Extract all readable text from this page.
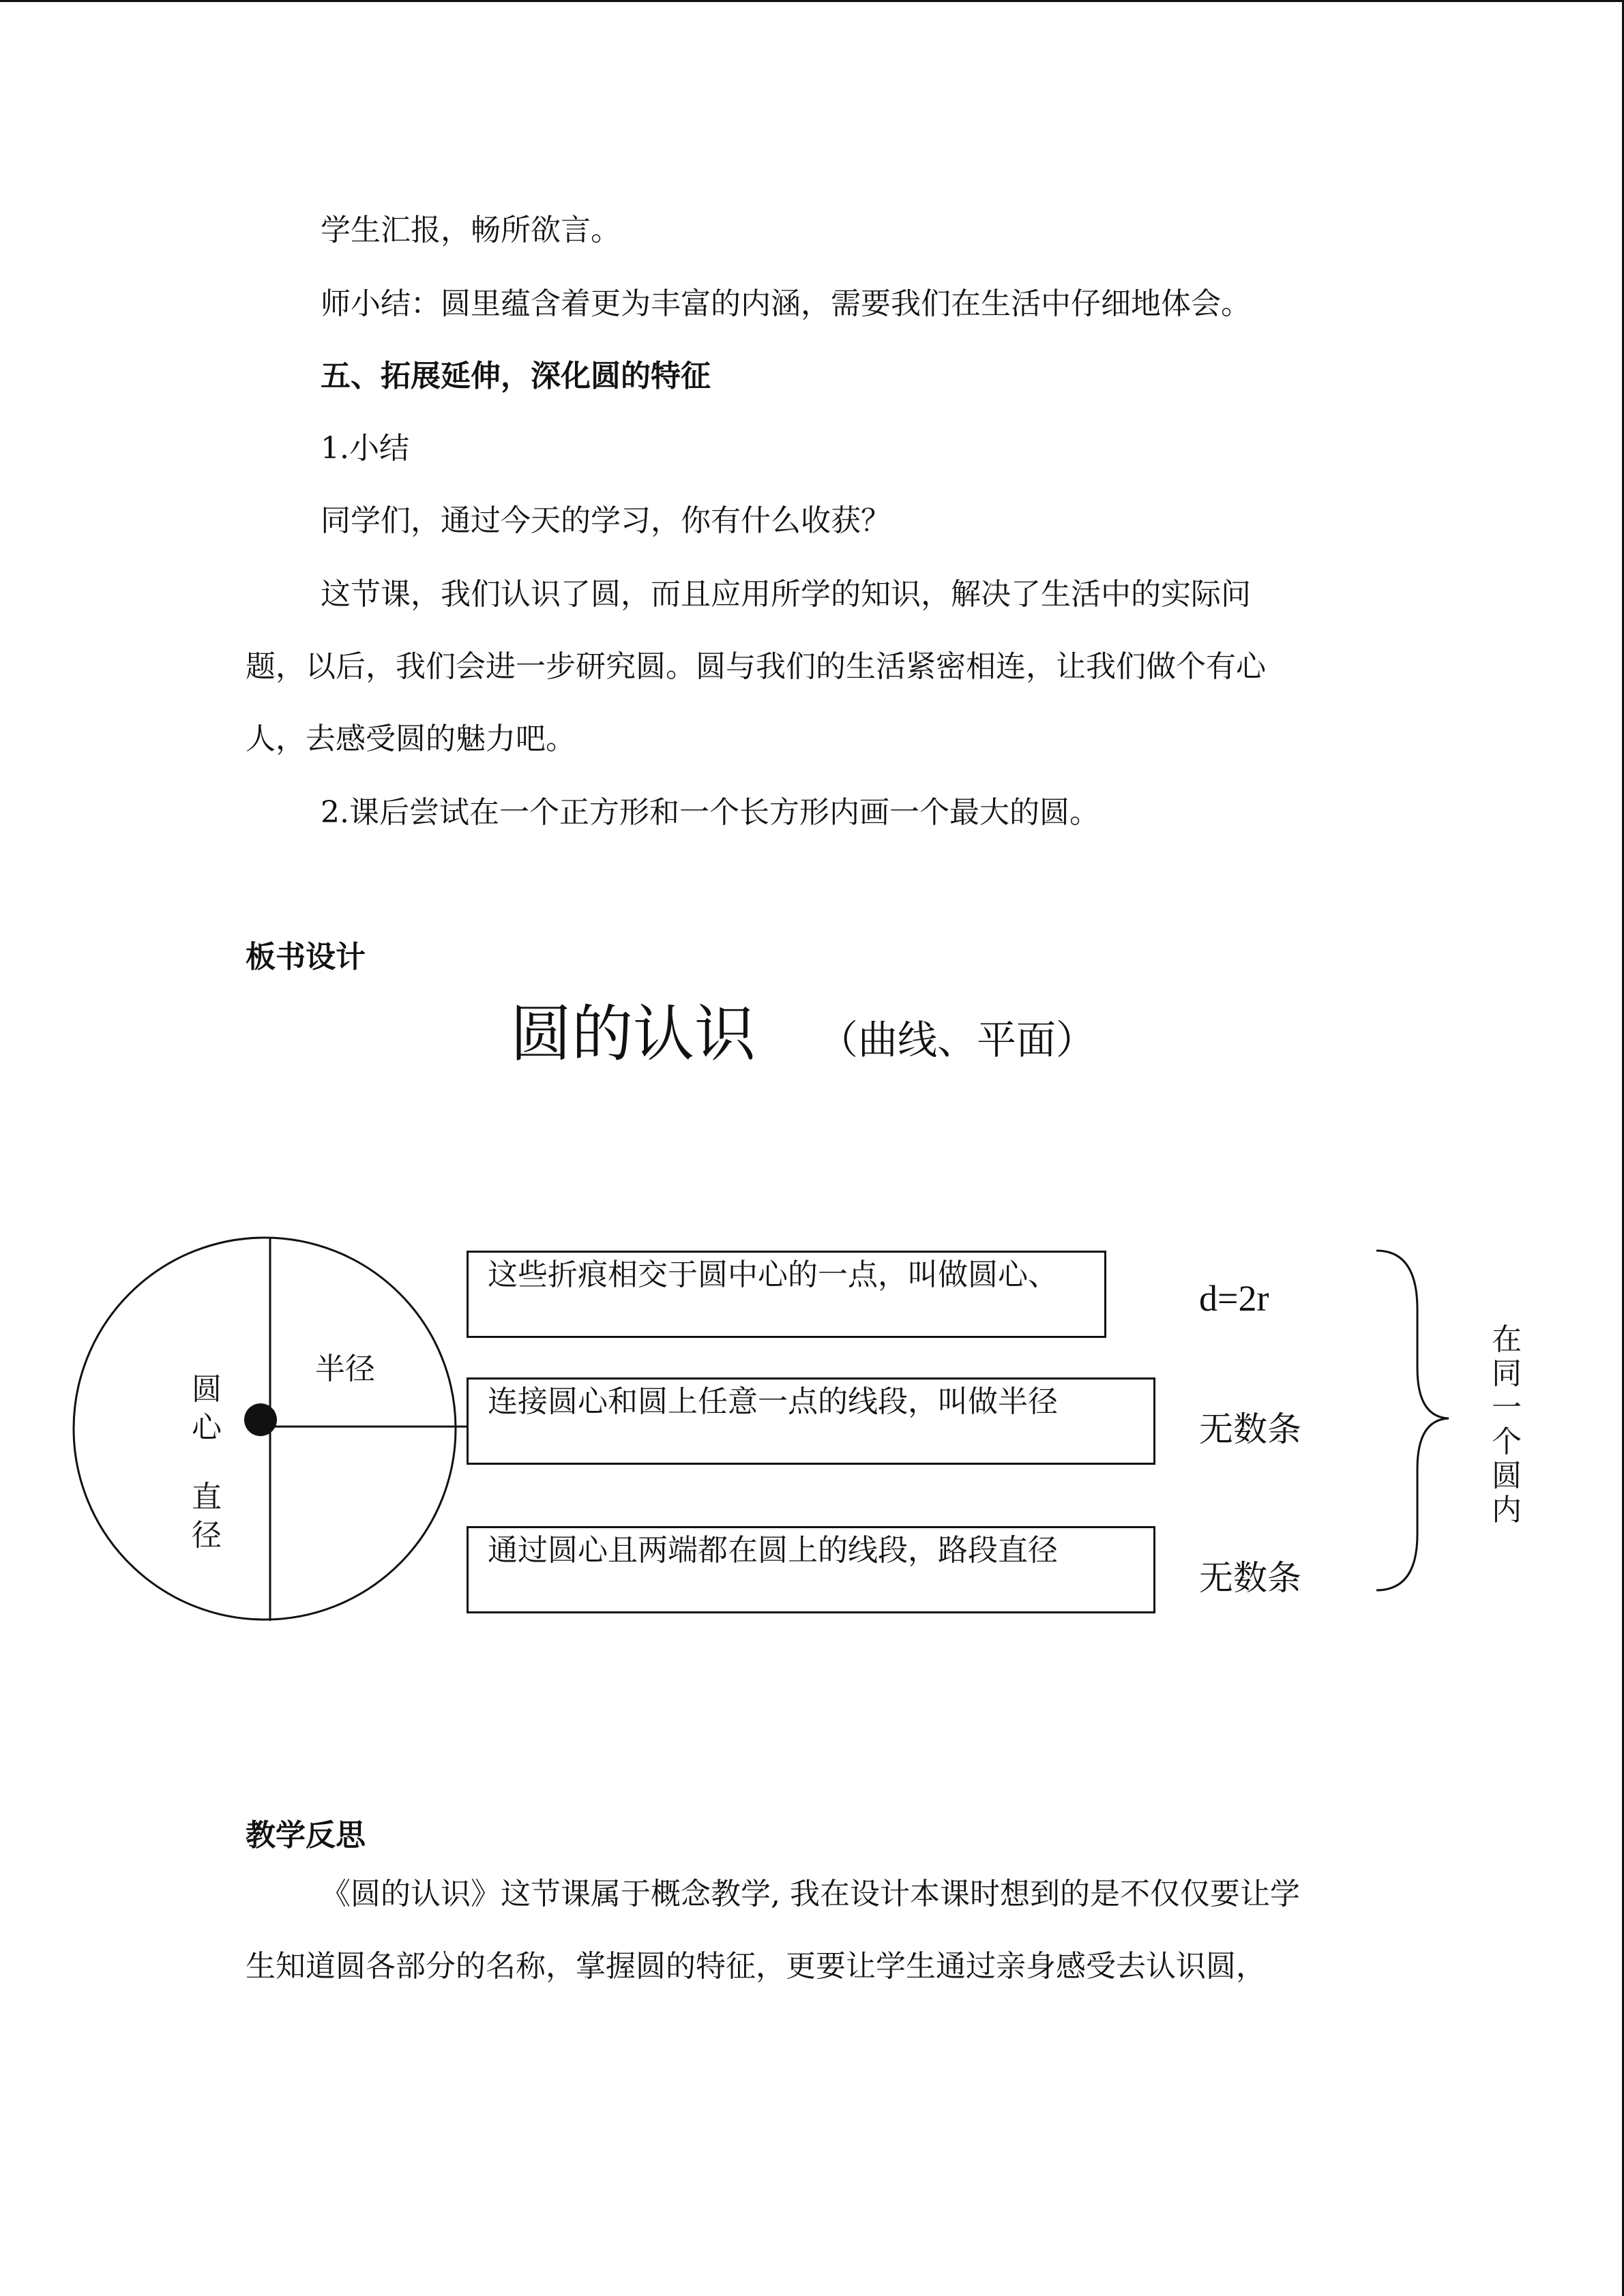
学生汇报，畅所欲言。

师小结：圆里蕴含着更为丰富的内涵，需要我们在生活中仔细地体会。

五、拓展延伸，深化圆的特征

1.小结

同学们，通过今天的学习，你有什么收获？

这节课，我们认识了圆，而且应用所学的知识，解决了生活中的实际问

题，以后，我们会进一步研究圆。圆与我们的生活紧密相连，让我们做个有心

人，去感受圆的魅力吧。

2.课后尝试在一个正方形和一个长方形内画一个最大的圆。

板书设计

圆的认识 （曲线、平面）
圆心
直径
半径
这些折痕相交于圆中心的一点，叫做圆心、
连接圆心和圆上任意一点的线段，叫做半径
通过圆心且两端都在圆上的线段，路段直径
d=2r
无数条
无数条
在同一个圆内

教学反思

《圆的认识》这节课属于概念教学, 我在设计本课时想到的是不仅仅要让学

生知道圆各部分的名称，掌握圆的特征，更要让学生通过亲身感受去认识圆，
